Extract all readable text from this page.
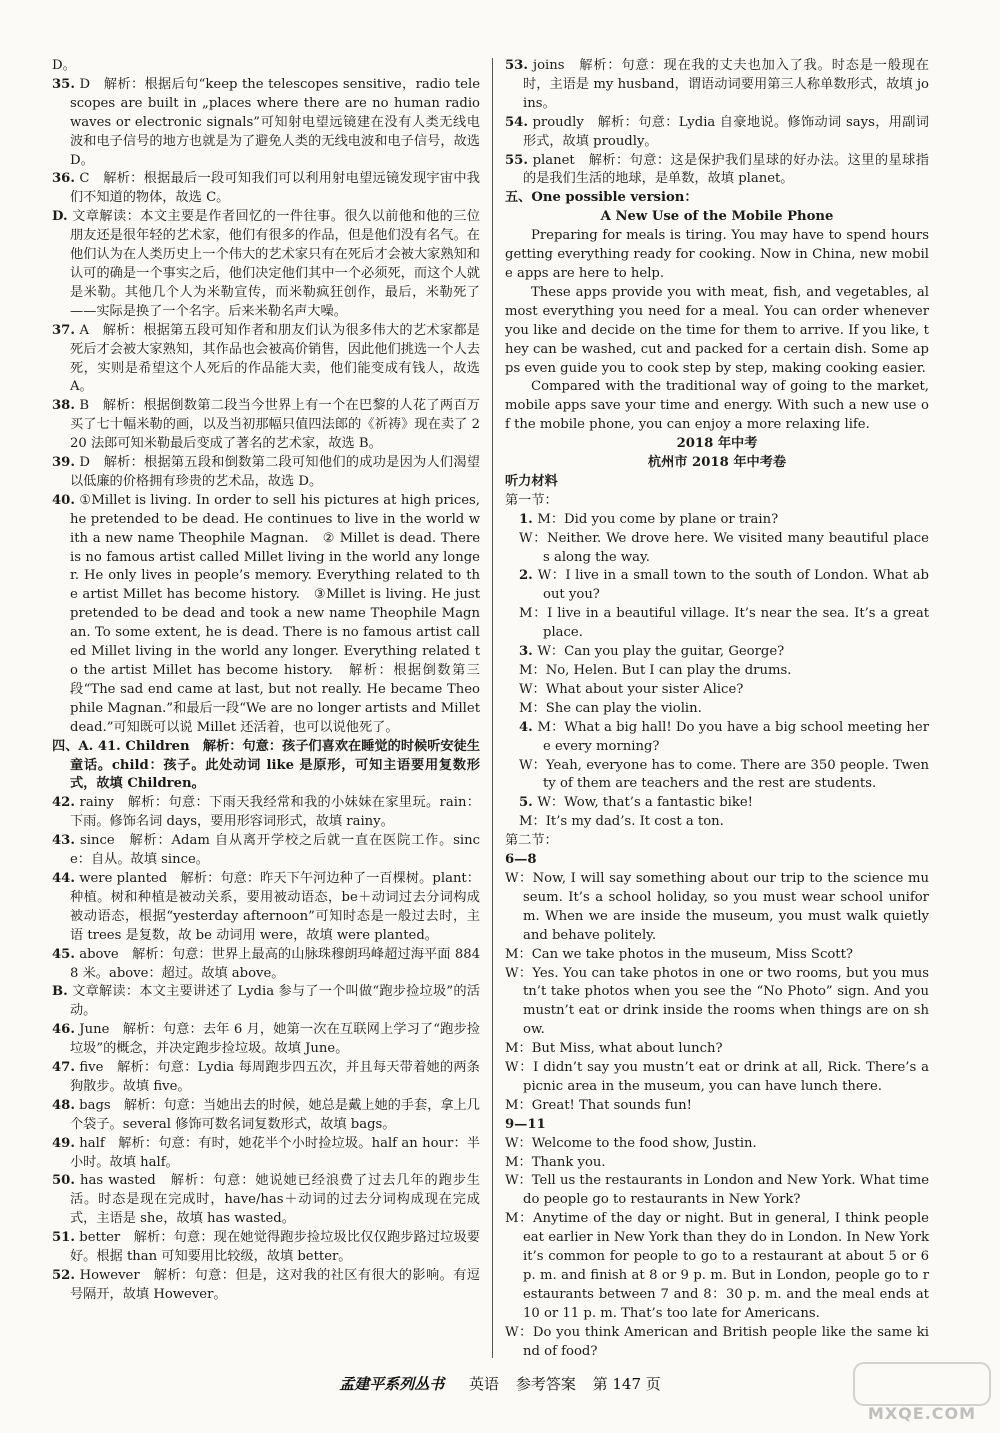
D。
35. D　解析：根据后句“keep the telescopes sensitive，radio telescopes are built in „places where there are no human radio waves or electronic signals”可知射电望远镜建在没有人类无线电波和电子信号的地方也就是为了避免人类的无线电波和电子信号，故选 D。
36. C　解析：根据最后一段可知我们可以利用射电望远镜发现宇宙中我们不知道的物体，故选 C。
D. 文章解读：本文主要是作者回忆的一件往事。很久以前他和他的三位朋友还是很年轻的艺术家，他们有很多的作品，但是他们没有名气。在他们认为在人类历史上一个伟大的艺术家只有在死后才会被大家熟知和认可的确是一个事实之后，他们决定他们其中一个必须死，而这个人就是米勒。其他几个人为米勒宣传，而米勒疯狂创作，最后，米勒死了——实际是换了一个名字。后来米勒名声大噪。
37. A　解析：根据第五段可知作者和朋友们认为很多伟大的艺术家都是死后才会被大家熟知，其作品也会被高价销售，因此他们挑选一个人去死，实则是希望这个人死后的作品能大卖，他们能变成有钱人，故选 A。
38. B　解析：根据倒数第二段当今世界上有一个在巴黎的人花了两百万买了七十幅米勒的画，以及当初那幅只值四法郎的《祈祷》现在卖了 220 法郎可知米勒最后变成了著名的艺术家，故选 B。
39. D　解析：根据第五段和倒数第二段可知他们的成功是因为人们渴望以低廉的价格拥有珍贵的艺术品，故选 D。
40. ①Millet is living. In order to sell his pictures at high prices, he pretended to be dead. He continues to live in the world with a new name Theophile Magnan.　② Millet is dead. There is no famous artist called Millet living in the world any longer. He only lives in people’s memory. Everything related to the artist Millet has become history.　③Millet is living. He just pretended to be dead and took a new name Theophile Magnan. To some extent, he is dead. There is no famous artist called Millet living in the world any longer. Everything related to the artist Millet has become history.　解析：根据倒数第三段“The sad end came at last, but not really. He became Theophile Magnan.”和最后一段“We are no longer artists and Millet dead.”可知既可以说 Millet 还活着，也可以说他死了。
四、A. 41. Children　解析：句意：孩子们喜欢在睡觉的时候听安徒生童话。child：孩子。此处动词 like 是原形，可知主语要用复数形式，故填 Children。
42. rainy　解析：句意：下雨天我经常和我的小妹妹在家里玩。rain：下雨。修饰名词 days，要用形容词形式，故填 rainy。
43. since　解析：Adam 自从离开学校之后就一直在医院工作。since：自从。故填 since。
44. were planted　解析：句意：昨天下午河边种了一百棵树。plant：种植。树和种植是被动关系，要用被动语态，be＋动词过去分词构成被动语态，根据“yesterday afternoon”可知时态是一般过去时，主语 trees 是复数，故 be 动词用 were，故填 were planted。
45. above　解析：句意：世界上最高的山脉珠穆朗玛峰超过海平面 8848 米。above：超过。故填 above。
B. 文章解读：本文主要讲述了 Lydia 参与了一个叫做“跑步捡垃圾”的活动。
46. June　解析：句意：去年 6 月，她第一次在互联网上学习了“跑步捡垃圾”的概念，并决定跑步捡垃圾。故填 June。
47. five　解析：句意：Lydia 每周跑步四五次，并且每天带着她的两条狗散步。故填 five。
48. bags　解析：句意：当她出去的时候，她总是戴上她的手套，拿上几个袋子。several 修饰可数名词复数形式，故填 bags。
49. half　解析：句意：有时，她花半个小时捡垃圾。half an hour：半小时。故填 half。
50. has wasted　解析：句意：她说她已经浪费了过去几年的跑步生活。时态是现在完成时，have/has＋动词的过去分词构成现在完成式，主语是 she，故填 has wasted。
51. better　解析：句意：现在她觉得跑步捡垃圾比仅仅跑步路过垃圾要好。根据 than 可知要用比较级，故填 better。
52. However　解析：句意：但是，这对我的社区有很大的影响。有逗号隔开，故填 However。
53. joins　解析：句意：现在我的丈夫也加入了我。时态是一般现在时，主语是 my husband，谓语动词要用第三人称单数形式，故填 joins。
54. proudly　解析：句意：Lydia 自豪地说。修饰动词 says，用副词形式，故填 proudly。
55. planet　解析：句意：这是保护我们星球的好办法。这里的星球指的是我们生活的地球，是单数，故填 planet。
五、One possible version：
A New Use of the Mobile Phone
Preparing for meals is tiring. You may have to spend hours getting everything ready for cooking. Now in China, new mobile apps are here to help.
These apps provide you with meat, fish, and vegetables, almost everything you need for a meal. You can order whenever you like and decide on the time for them to arrive. If you like, they can be washed, cut and packed for a certain dish. Some apps even guide you to cook step by step, making cooking easier.
Compared with the traditional way of going to the market, mobile apps save your time and energy. With such a new use of the mobile phone, you can enjoy a more relaxing life.
2018 年中考
杭州市 2018 年中考卷
听力材料
第一节：
1. M：Did you come by plane or train?
W：Neither. We drove here. We visited many beautiful places along the way.
2. W：I live in a small town to the south of London. What about you?
M：I live in a beautiful village. It’s near the sea. It’s a great place.
3. W：Can you play the guitar, George?
M：No, Helen. But I can play the drums.
W：What about your sister Alice?
M：She can play the violin.
4. M：What a big hall! Do you have a big school meeting here every morning?
W：Yeah, everyone has to come. There are 350 people. Twenty of them are teachers and the rest are students.
5. W：Wow, that’s a fantastic bike!
M：It’s my dad’s. It cost a ton.
第二节：
6—8
W：Now, I will say something about our trip to the science museum. It’s a school holiday, so you must wear school uniform. When we are inside the museum, you must walk quietly and behave politely.
M：Can we take photos in the museum, Miss Scott?
W：Yes. You can take photos in one or two rooms, but you mustn’t take photos when you see the “No Photo” sign. And you mustn’t eat or drink inside the rooms when things are on show.
M：But Miss, what about lunch?
W：I didn’t say you mustn’t eat or drink at all, Rick. There’s a picnic area in the museum, you can have lunch there.
M：Great! That sounds fun!
9—11
W：Welcome to the food show, Justin.
M：Thank you.
W：Tell us the restaurants in London and New York. What time do people go to restaurants in New York?
M：Anytime of the day or night. But in general, I think people eat earlier in New York than they do in London. In New York it’s common for people to go to a restaurant at about 5 or 6 p. m. and finish at 8 or 9 p. m. But in London, people go to restaurants between 7 and 8：30 p. m. and the meal ends at 10 or 11 p. m. That’s too late for Americans.
W：Do you think American and British people like the same kind of food?
孟建平系列丛书 英语 参考答案 第 147 页
MXQE.COM
